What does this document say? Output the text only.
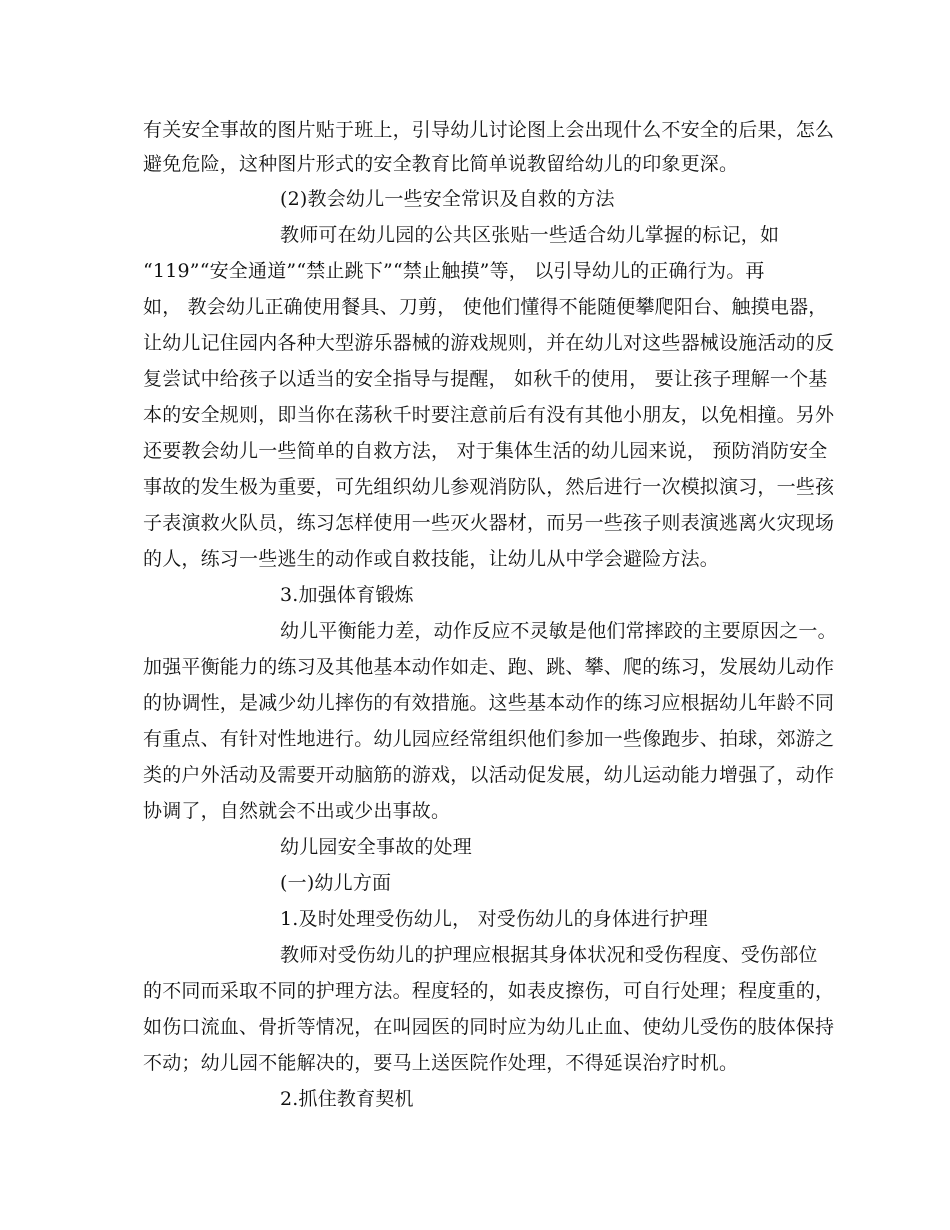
有关安全事故的图片贴于班上，引导幼儿讨论图上会出现什么不安全的后果，怎么
避免危险，这种图片形式的安全教育比简单说教留给幼儿的印象更深。
(2)教会幼儿一些安全常识及自救的方法
教师可在幼儿园的公共区张贴一些适合幼儿掌握的标记，如
“119”“安全通道”“禁止跳下”“禁止触摸”等， 以引导幼儿的正确行为。再
如， 教会幼儿正确使用餐具、刀剪， 使他们懂得不能随便攀爬阳台、触摸电器，
让幼儿记住园内各种大型游乐器械的游戏规则，并在幼儿对这些器械设施活动的反
复尝试中给孩子以适当的安全指导与提醒， 如秋千的使用， 要让孩子理解一个基
本的安全规则，即当你在荡秋千时要注意前后有没有其他小朋友，以免相撞。另外
还要教会幼儿一些简单的自救方法， 对于集体生活的幼儿园来说， 预防消防安全
事故的发生极为重要，可先组织幼儿参观消防队，然后进行一次模拟演习，一些孩
子表演救火队员，练习怎样使用一些灭火器材，而另一些孩子则表演逃离火灾现场
的人，练习一些逃生的动作或自救技能，让幼儿从中学会避险方法。
3.加强体育锻炼
幼儿平衡能力差，动作反应不灵敏是他们常摔跤的主要原因之一。
加强平衡能力的练习及其他基本动作如走、跑、跳、攀、爬的练习，发展幼儿动作
的协调性，是减少幼儿摔伤的有效措施。这些基本动作的练习应根据幼儿年龄不同
有重点、有针对性地进行。幼儿园应经常组织他们参加一些像跑步、拍球，郊游之
类的户外活动及需要开动脑筋的游戏，以活动促发展，幼儿运动能力增强了，动作
协调了，自然就会不出或少出事故。
幼儿园安全事故的处理
(一)幼儿方面
1.及时处理受伤幼儿， 对受伤幼儿的身体进行护理
教师对受伤幼儿的护理应根据其身体状况和受伤程度、受伤部位
的不同而采取不同的护理方法。程度轻的，如表皮擦伤，可自行处理；程度重的，
如伤口流血、骨折等情况，在叫园医的同时应为幼儿止血、使幼儿受伤的肢体保持
不动；幼儿园不能解决的，要马上送医院作处理，不得延误治疗时机。
2.抓住教育契机
